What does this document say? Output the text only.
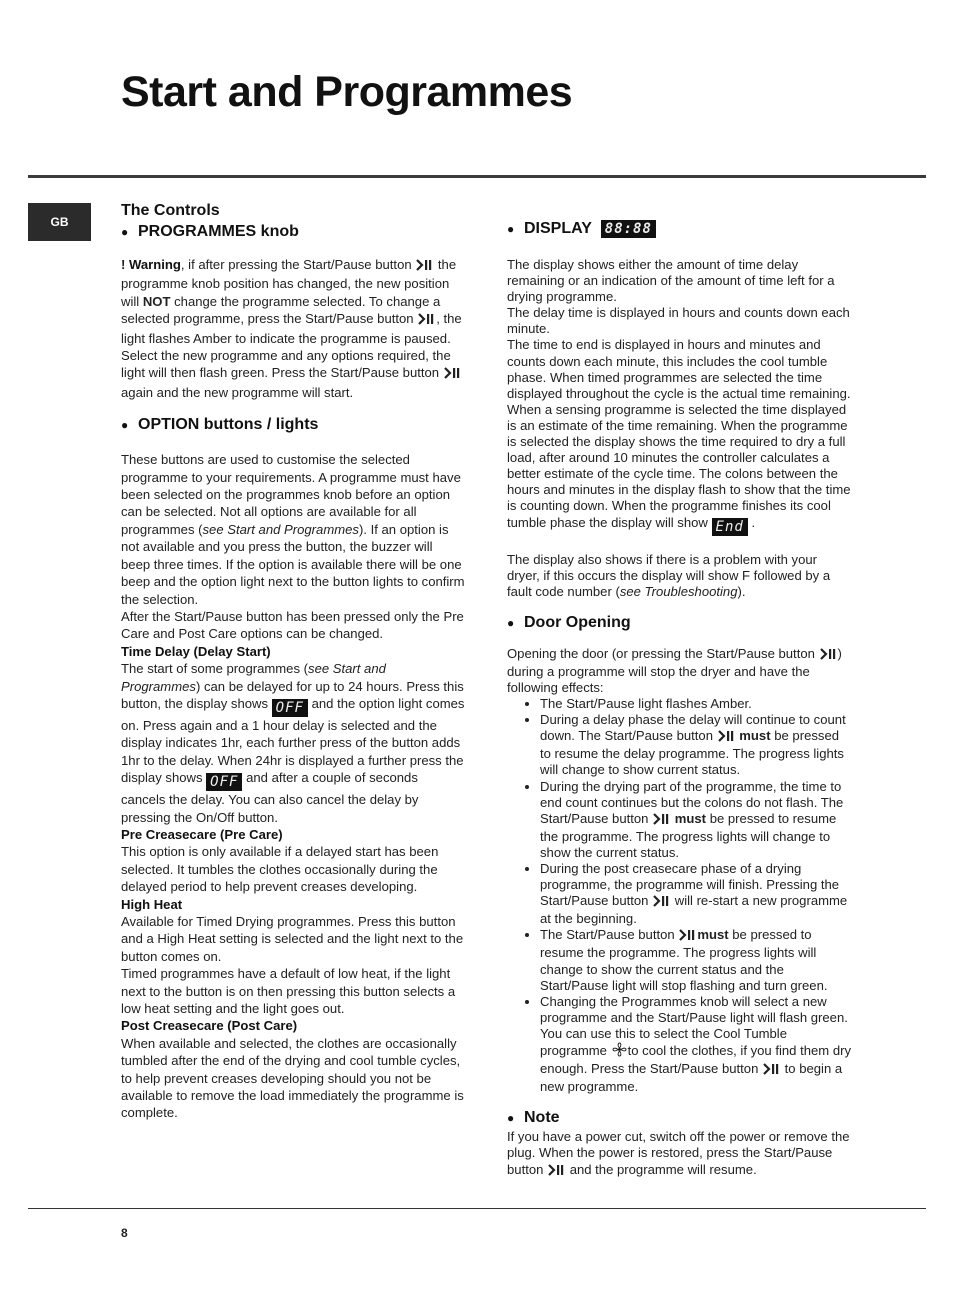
Start and Programmes
GB

The Controls

● PROGRAMMES knob

! Warning, if after pressing the Start/Pause button the programme knob position has changed, the new position will NOT change the programme selected. To change a selected programme, press the Start/Pause button , the light flashes Amber to indicate the programme is paused. Select the new programme and any options required, the light will then flash green. Press the Start/Pause button  again and the new programme will start.

● OPTION buttons / lights

These buttons are used to customise the selected programme to your requirements. A programme must have been selected on the programmes knob before an option can be selected. Not all options are available for all programmes (see Start and Programmes). If an option is not available and you press the button, the buzzer will beep three times. If the option is available there will be one beep and the option light next to the button lights to confirm the selection.

After the Start/Pause button has been pressed only the Pre Care and Post Care options can be changed.

Time Delay (Delay Start)

The start of some programmes (see Start and Programmes) can be delayed for up to 24 hours. Press this button, the display shows OFF and the option light comes on. Press again and a 1 hour delay is selected and the display indicates 1hr, each further press of the button adds 1hr to the delay. When 24hr is displayed a further press the display shows OFF and after a couple of seconds cancels the delay. You can also cancel the delay by pressing the On/Off button.

Pre Creasecare (Pre Care)

This option is only available if a delayed start has been selected. It tumbles the clothes occasionally during the delayed period to help prevent creases developing.

High Heat

Available for Timed Drying programmes. Press this button and a High Heat setting is selected and the light next to the button comes on.

Timed programmes have a default of low heat, if the light next to the button is on then pressing this button selects a low heat setting and the light goes out.

Post Creasecare (Post Care)

When available and selected, the clothes are occasionally tumbled after the end of the drying and cool tumble cycles, to help prevent creases developing should you not be available to remove the load immediately the programme is complete.

● DISPLAY
88:88

The display shows either the amount of time delay remaining or an indication of the amount of time left for a drying programme.

The delay time is displayed in hours and counts down each minute.

The time to end is displayed in hours and minutes and counts down each minute, this includes the cool tumble phase. When timed programmes are selected the time displayed throughout the cycle is the actual time remaining.

When a sensing programme is selected the time displayed is an estimate of the time remaining. When the programme is selected the display shows the time required to dry a full load, after around 10 minutes the controller calculates a better estimate of the cycle time. The colons between the hours and minutes in the display flash to show that the time is counting down. When the programme finishes its cool tumble phase the display will show End .

The display also shows if there is a problem with your dryer, if this occurs the display will show F followed by a fault code number (see Troubleshooting).

● Door Opening

Opening the door (or pressing the Start/Pause button ) during a programme will stop the dryer and have the following effects:

• The Start/Pause light flashes Amber.
• During a delay phase the delay will continue to count down. The Start/Pause button must be pressed to resume the delay programme. The progress lights will change to show current status.
• During the drying part of the programme, the time to end count continues but the colons do not flash. The Start/Pause button must be pressed to resume the programme. The progress lights will change to show the current status.
• During the post creasecare phase of a drying programme, the programme will finish. Pressing the Start/Pause button will re-start a new programme at the beginning.
• The Start/Pause button must be pressed to resume the programme. The progress lights will change to show the current status and the Start/Pause light will stop flashing and turn green.
• Changing the Programmes knob will select a new programme and the Start/Pause light will flash green. You can use this to select the Cool Tumble programme to cool the clothes, if you find them dry enough. Press the Start/Pause button to begin a new programme.

● Note

If you have a power cut, switch off the power or remove the plug. When the power is restored, press the Start/Pause button and the programme will resume.

8
